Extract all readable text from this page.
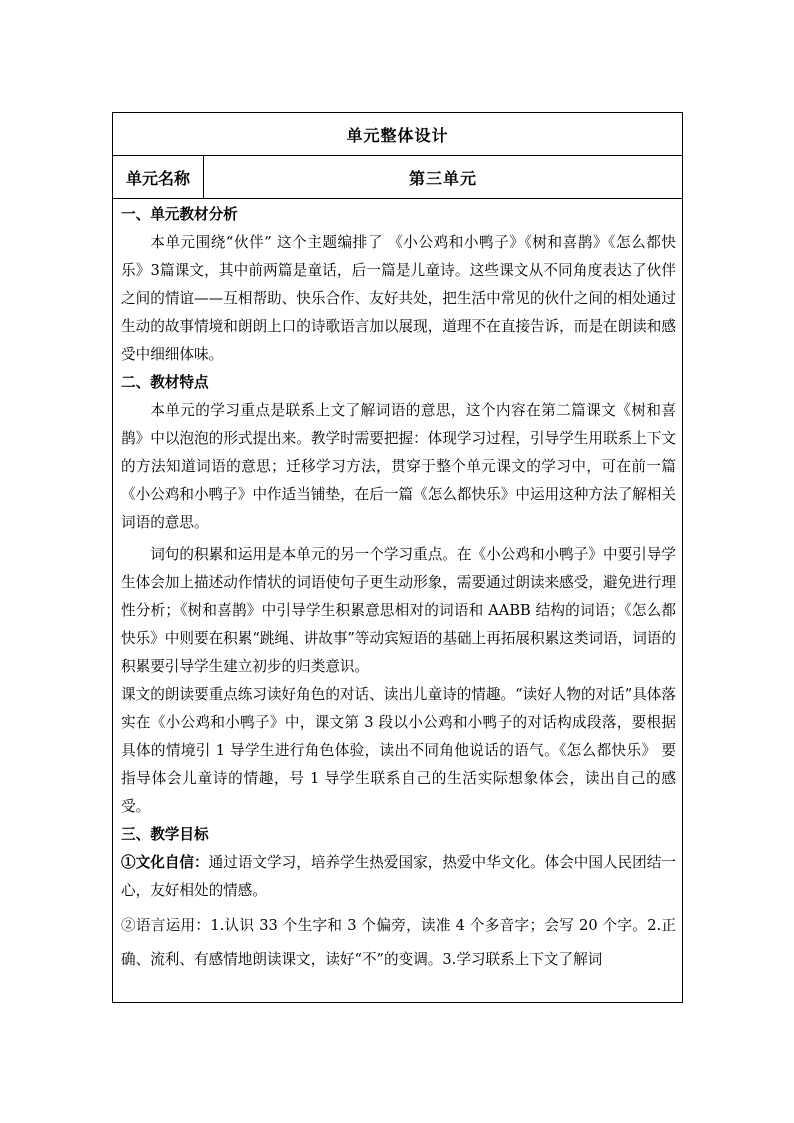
单元整体设计
单元名称	第三单元
一、单元教材分析

本单元围绕“伙伴” 这个主题编排了 《小公鸡和小鸭子》《树和喜鹊》《怎么都快乐》3篇课文，其中前两篇是童话，后一篇是儿童诗。这些课文从不同角度表达了伙伴之间的情谊——互相帮助、快乐合作、友好共处，把生活中常见的伙什之间的相处通过生动的故事情境和朗朗上口的诗歌语言加以展现，道理不在直接告诉，而是在朗读和感受中细细体味。

二、教材特点

本单元的学习重点是联系上文了解词语的意思，这个内容在第二篇课文《树和喜鹊》中以泡泡的形式提出来。教学时需要把握：体现学习过程，引导学生用联系上下文的方法知道词语的意思；迁移学习方法，贯穿于整个单元课文的学习中，可在前一篇《小公鸡和小鸭子》中作适当铺垫，在后一篇《怎么都快乐》中运用这种方法了解相关词语的意思。

词句的积累和运用是本单元的另一个学习重点。在《小公鸡和小鸭子》中要引导学生体会加上描述动作情状的词语使句子更生动形象，需要通过朗读来感受，避免进行理性分析；《树和喜鹊》中引导学生积累意思相对的词语和 AABB 结构的词语；《怎么都快乐》中则要在积累“跳绳、讲故事”等动宾短语的基础上再拓展积累这类词语，词语的积累要引导学生建立初步的归类意识。

课文的朗读要重点练习读好角色的对话、读出儿童诗的情趣。“读好人物的对话”具体落实在《小公鸡和小鸭子》中，课文第 3 段以小公鸡和小鸭子的对话构成段落，要根据具体的情境引 1 导学生进行角色体验，读出不同角他说话的语气。《怎么都快乐》 要指导体会儿童诗的情趣，号 1 导学生联系自己的生活实际想象体会，读出自己的感受。

三、教学目标

①文化自信：通过语文学习，培养学生热爱国家，热爱中华文化。体会中国人民团结一心，友好相处的情感。

②语言运用：1.认识 33 个生字和 3 个偏旁，读准 4 个多音字；会写 20 个字。2.正确、流利、有感情地朗读课文，读好“不”的变调。3.学习联系上下文了解词
